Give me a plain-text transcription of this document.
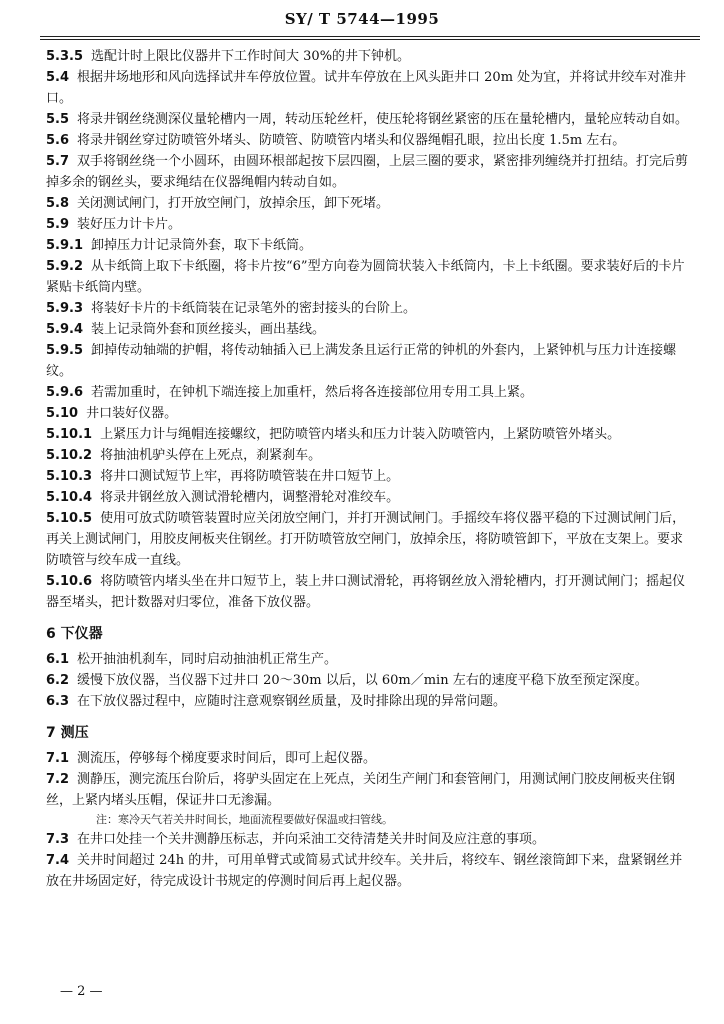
SY/ T 5744—1995

5.3.5 选配计时上限比仪器井下工作时间大 30%的井下钟机。

5.4 根据井场地形和风向选择试井车停放位置。试井车停放在上风头距井口 20m 处为宜，并将试井绞车对准井口。

5.5 将录井钢丝绕测深仪量轮槽内一周，转动压轮丝杆，使压轮将钢丝紧密的压在量轮槽内，量轮应转动自如。

5.6 将录井钢丝穿过防喷管外堵头、防喷管、防喷管内堵头和仪器绳帽孔眼，拉出长度 1.5m 左右。

5.7 双手将钢丝绕一个小圆环，由圆环根部起按下层四圈，上层三圈的要求，紧密排列缠绕并打扭结。打完后剪掉多余的钢丝头，要求绳结在仪器绳帽内转动自如。

5.8 关闭测试闸门，打开放空闸门，放掉余压，卸下死堵。

5.9 装好压力计卡片。

5.9.1 卸掉压力计记录筒外套，取下卡纸筒。

5.9.2 从卡纸筒上取下卡纸圈，将卡片按“6”型方向卷为圆筒状装入卡纸筒内，卡上卡纸圈。要求装好后的卡片紧贴卡纸筒内壁。

5.9.3 将装好卡片的卡纸筒装在记录笔外的密封接头的台阶上。

5.9.4 装上记录筒外套和顶丝接头，画出基线。

5.9.5 卸掉传动轴端的护帽，将传动轴插入已上满发条且运行正常的钟机的外套内，上紧钟机与压力计连接螺纹。

5.9.6 若需加重时，在钟机下端连接上加重杆，然后将各连接部位用专用工具上紧。

5.10 井口装好仪器。

5.10.1 上紧压力计与绳帽连接螺纹，把防喷管内堵头和压力计装入防喷管内，上紧防喷管外堵头。

5.10.2 将抽油机驴头停在上死点，刹紧刹车。

5.10.3 将井口测试短节上牢，再将防喷管装在井口短节上。

5.10.4 将录井钢丝放入测试滑轮槽内，调整滑轮对准绞车。

5.10.5 使用可放式防喷管装置时应关闭放空闸门，并打开测试闸门。手摇绞车将仪器平稳的下过测试闸门后，再关上测试闸门，用胶皮闸板夹住钢丝。打开防喷管放空闸门，放掉余压，将防喷管卸下，平放在支架上。要求防喷管与绞车成一直线。

5.10.6 将防喷管内堵头坐在井口短节上，装上井口测试滑轮，再将钢丝放入滑轮槽内，打开测试闸门；摇起仪器至堵头，把计数器对归零位，准备下放仪器。

6 下仪器

6.1 松开抽油机刹车，同时启动抽油机正常生产。

6.2 缓慢下放仪器，当仪器下过井口 20～30m 以后，以 60m／min 左右的速度平稳下放至预定深度。

6.3 在下放仪器过程中，应随时注意观察钢丝质量，及时排除出现的异常问题。

7 测压

7.1 测流压，停够每个梯度要求时间后，即可上起仪器。

7.2 测静压，测完流压台阶后，将驴头固定在上死点，关闭生产闸门和套管闸门，用测试闸门胶皮闸板夹住钢丝，上紧内堵头压帽，保证井口无渗漏。

注：寒冷天气若关井时间长，地面流程要做好保温或扫管线。

7.3 在井口处挂一个关井测静压标志，并向采油工交待清楚关井时间及应注意的事项。

7.4 关井时间超过 24h 的井，可用单臂式或简易式试井绞车。关井后，将绞车、钢丝滚筒卸下来，盘紧钢丝并放在井场固定好，待完成设计书规定的停测时间后再上起仪器。

— 2 —
